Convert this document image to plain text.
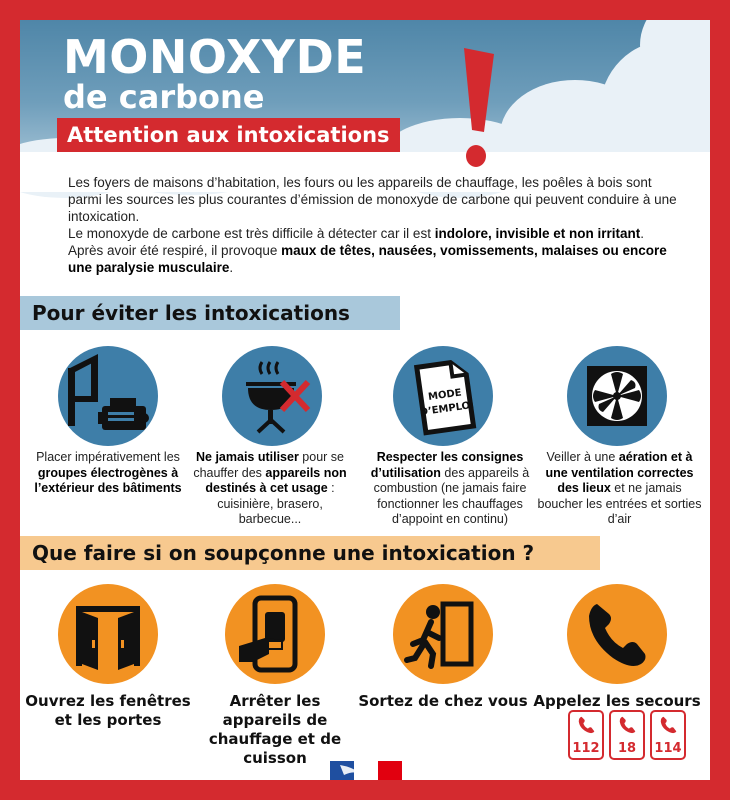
MONOXYDE
de carbone
Attention aux intoxications

Les foyers de maisons d’habitation, les fours ou les appareils de chauffage, les poêles à bois sont parmi les sources les plus courantes d’émission de monoxyde de carbone qui peuvent conduire à une intoxication.

Le monoxyde de carbone est très difficile à détecter car il est indolore, invisible et non irritant.

Après avoir été respiré, il provoque maux de têtes, nausées, vomissements, malaises ou encore une paralysie musculaire.

Pour éviter les intoxications
Placer impérativement les groupes électrogènes à l’extérieur des bâtiments
Ne jamais utiliser pour se chauffer des appareils non destinés à cet usage : cuisinière, brasero, barbecue...
MODE
D’EMPLOI
Respecter les consignes d’utilisation des appareils à combustion (ne jamais faire fonctionner les chauffages d’appoint en continu)
Veiller à une aération et à une ventilation correctes des lieux et ne jamais boucher les entrées et sorties d’air
Que faire si on soupçonne une intoxication ?
Ouvrez les fenêtres et les portes
Arrêter les appareils de chauffage et de cuisson
Sortez de chez vous Appelez les secours
112	18	114
